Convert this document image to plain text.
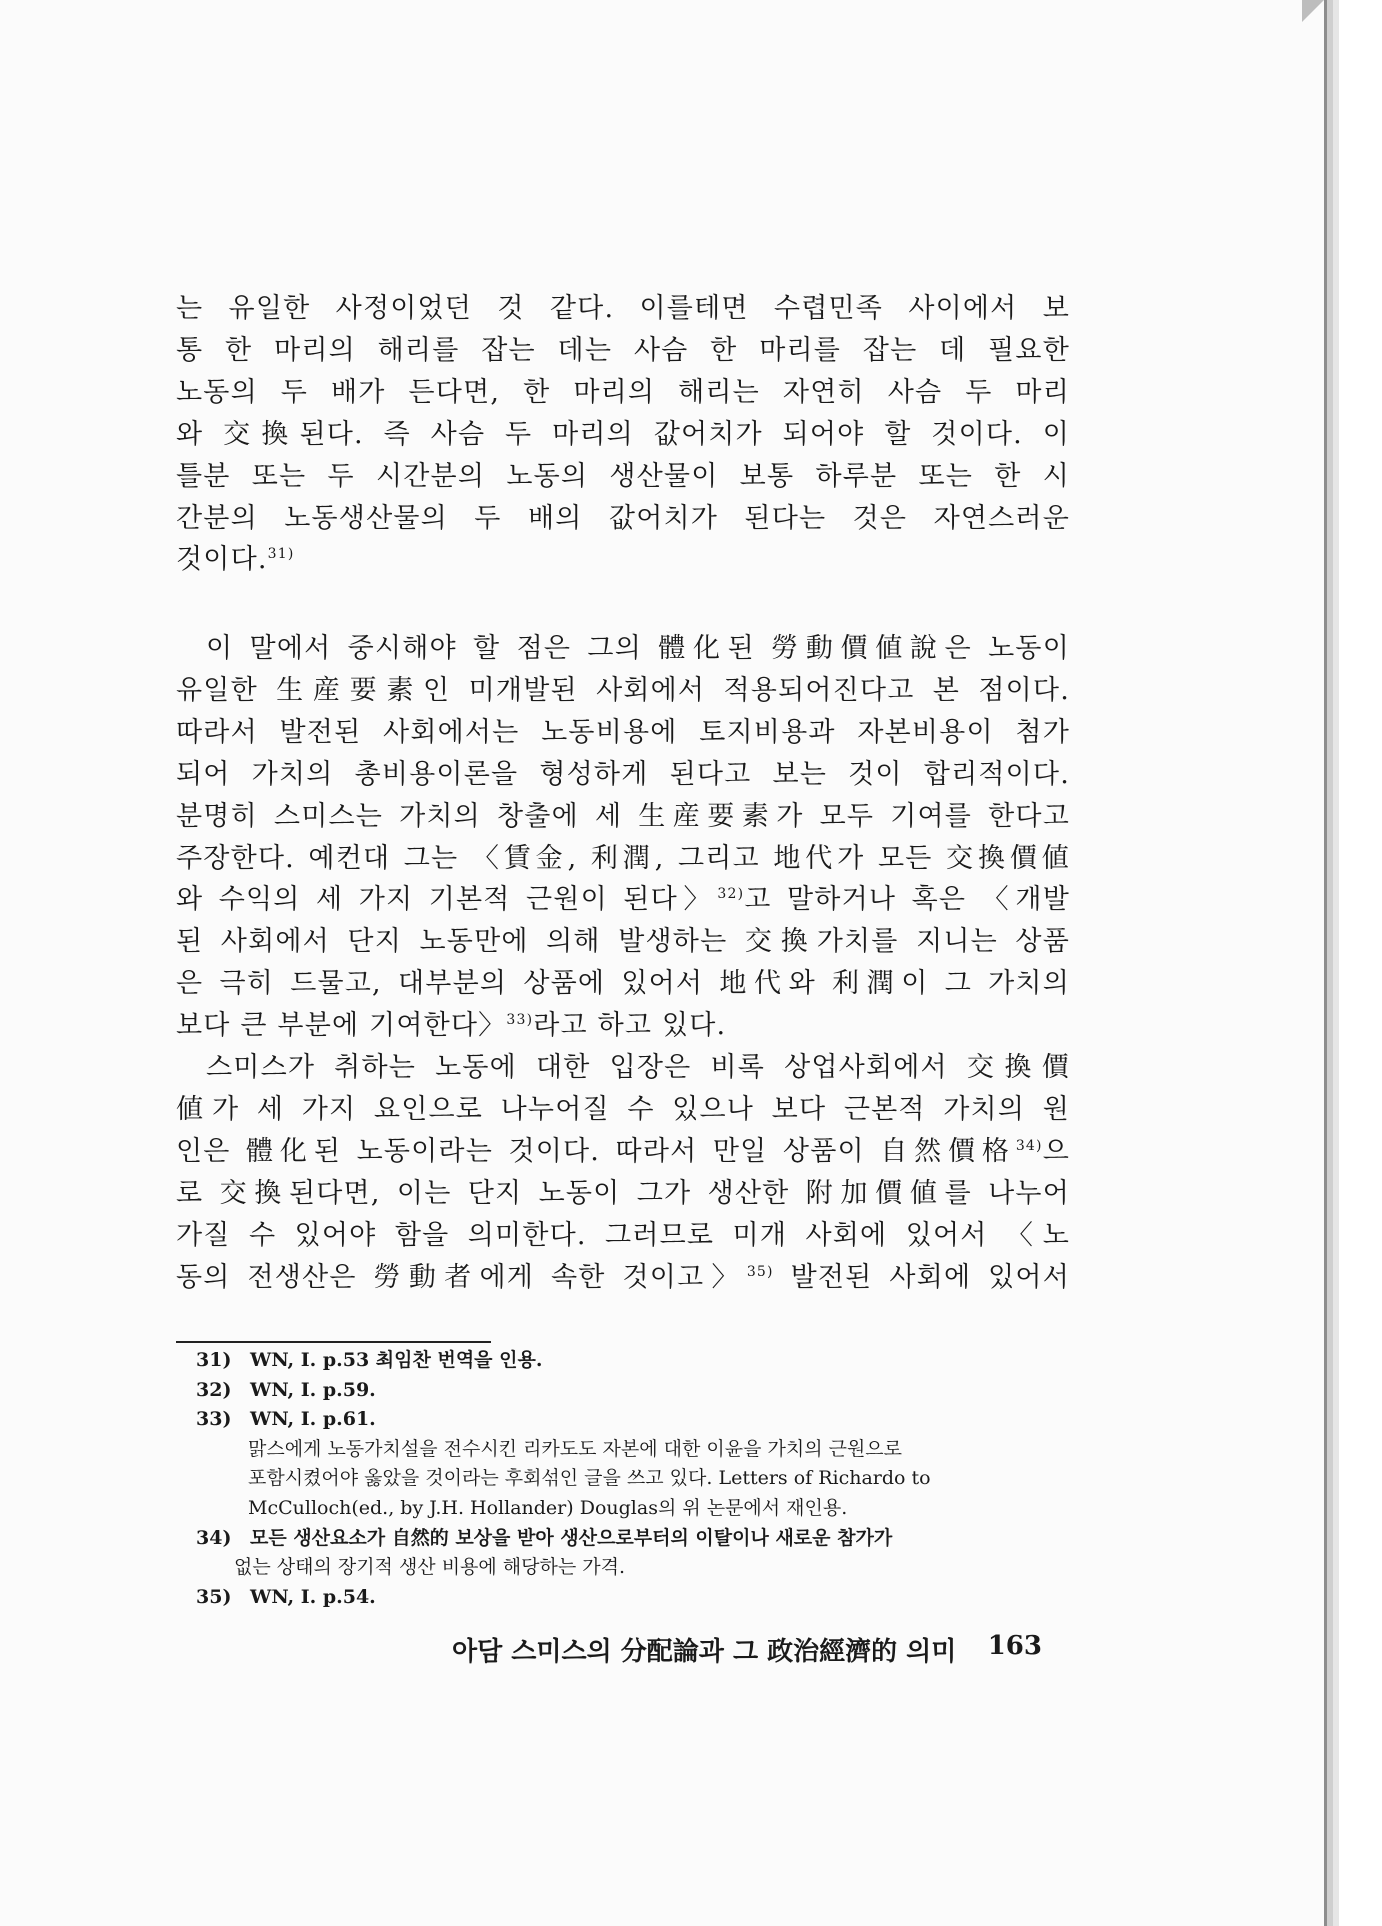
는 유일한 사정이었던 것 같다. 이를테면 수렵민족 사이에서 보
통 한 마리의 해리를 잡는 데는 사슴 한 마리를 잡는 데 필요한
노동의 두 배가 든다면, 한 마리의 해리는 자연히 사슴 두 마리
와 交換된다. 즉 사슴 두 마리의 값어치가 되어야 할 것이다. 이
틀분 또는 두 시간분의 노동의 생산물이 보통 하루분 또는 한 시
간분의 노동생산물의 두 배의 값어치가 된다는 것은 자연스러운
것이다.$^{31)}$
이 말에서 중시해야 할 점은 그의 體化된 勞動價値說은 노동이
유일한 生産要素인 미개발된 사회에서 적용되어진다고 본 점이다.
따라서 발전된 사회에서는 노동비용에 토지비용과 자본비용이 첨가
되어 가치의 총비용이론을 형성하게 된다고 보는 것이 합리적이다.
분명히 스미스는 가치의 창출에 세 生産要素가 모두 기여를 한다고
주장한다. 예컨대 그는 〈賃金, 利潤, 그리고 地代가 모든 交換價値
와 수익의 세 가지 기본적 근원이 된다〉$^{32)}$고 말하거나 혹은 〈개발
된 사회에서 단지 노동만에 의해 발생하는 交換가치를 지니는 상품
은 극히 드물고, 대부분의 상품에 있어서 地代와 利潤이 그 가치의
보다 큰 부분에 기여한다〉$^{33)}$라고 하고 있다.
스미스가 취하는 노동에 대한 입장은 비록 상업사회에서 交換價
値가 세 가지 요인으로 나누어질 수 있으나 보다 근본적 가치의 원
인은 體化된 노동이라는 것이다. 따라서 만일 상품이 自然價格$^{34)}$으
로 交換된다면, 이는 단지 노동이 그가 생산한 附加價値를 나누어
가질 수 있어야 함을 의미한다. 그러므로 미개 사회에 있어서 〈노
동의 전생산은 勞動者에게 속한 것이고〉$^{35)}$ 발전된 사회에 있어서
31) WN, I. p.53 최임찬 번역을 인용.
32) WN, I. p.59.
33) WN, I. p.61.
맑스에게 노동가치설을 전수시킨 리카도도 자본에 대한 이윤을 가치의 근원으로
포함시켰어야 옳았을 것이라는 후회섞인 글을 쓰고 있다. Letters of Richardo to
McCulloch(ed., by J.H. Hollander) Douglas의 위 논문에서 재인용.
34) 모든 생산요소가 自然的 보상을 받아 생산으로부터의 이탈이나 새로운 참가가
없는 상태의 장기적 생산 비용에 해당하는 가격.
35) WN, I. p.54.
아담 스미스의 分配論과 그 政治經濟的 의미 163
